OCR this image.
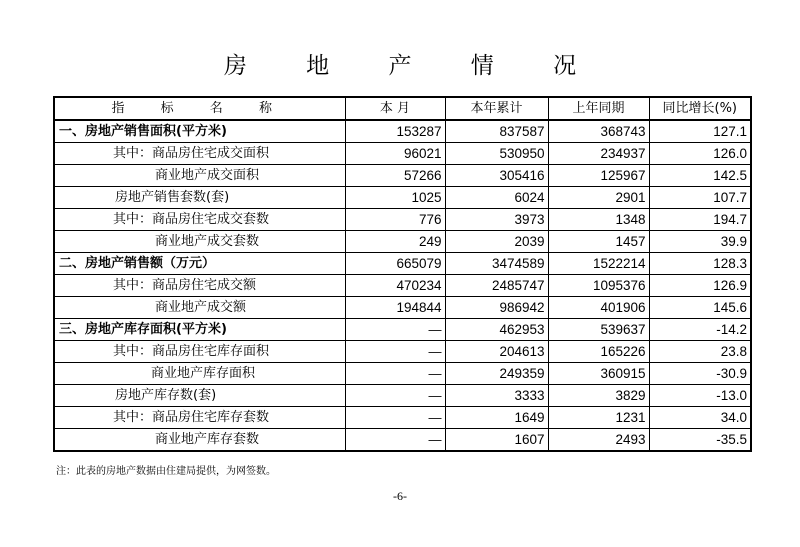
房 地 产 情 况
指 标 名 称	本 月	本年累计	上年同期	同比增长(%)
一、房地产销售面积(平方米)	153287	837587	368743	127.1
其中：商品房住宅成交面积	96021	530950	234937	126.0
商业地产成交面积	57266	305416	125967	142.5
房地产销售套数(套)	1025	6024	2901	107.7
其中：商品房住宅成交套数	776	3973	1348	194.7
商业地产成交套数	249	2039	1457	39.9
二、房地产销售额（万元）	665079	3474589	1522214	128.3
其中：商品房住宅成交额	470234	2485747	1095376	126.9
商业地产成交额	194844	986942	401906	145.6
三、房地产库存面积(平方米)	—	462953	539637	-14.2
其中：商品房住宅库存面积	—	204613	165226	23.8
商业地产库存面积	—	249359	360915	-30.9
房地产库存数(套)	—	3333	3829	-13.0
其中：商品房住宅库存套数	—	1649	1231	34.0
商业地产库存套数	—	1607	2493	-35.5
注：此表的房地产数据由住建局提供，为网签数。
-6-
